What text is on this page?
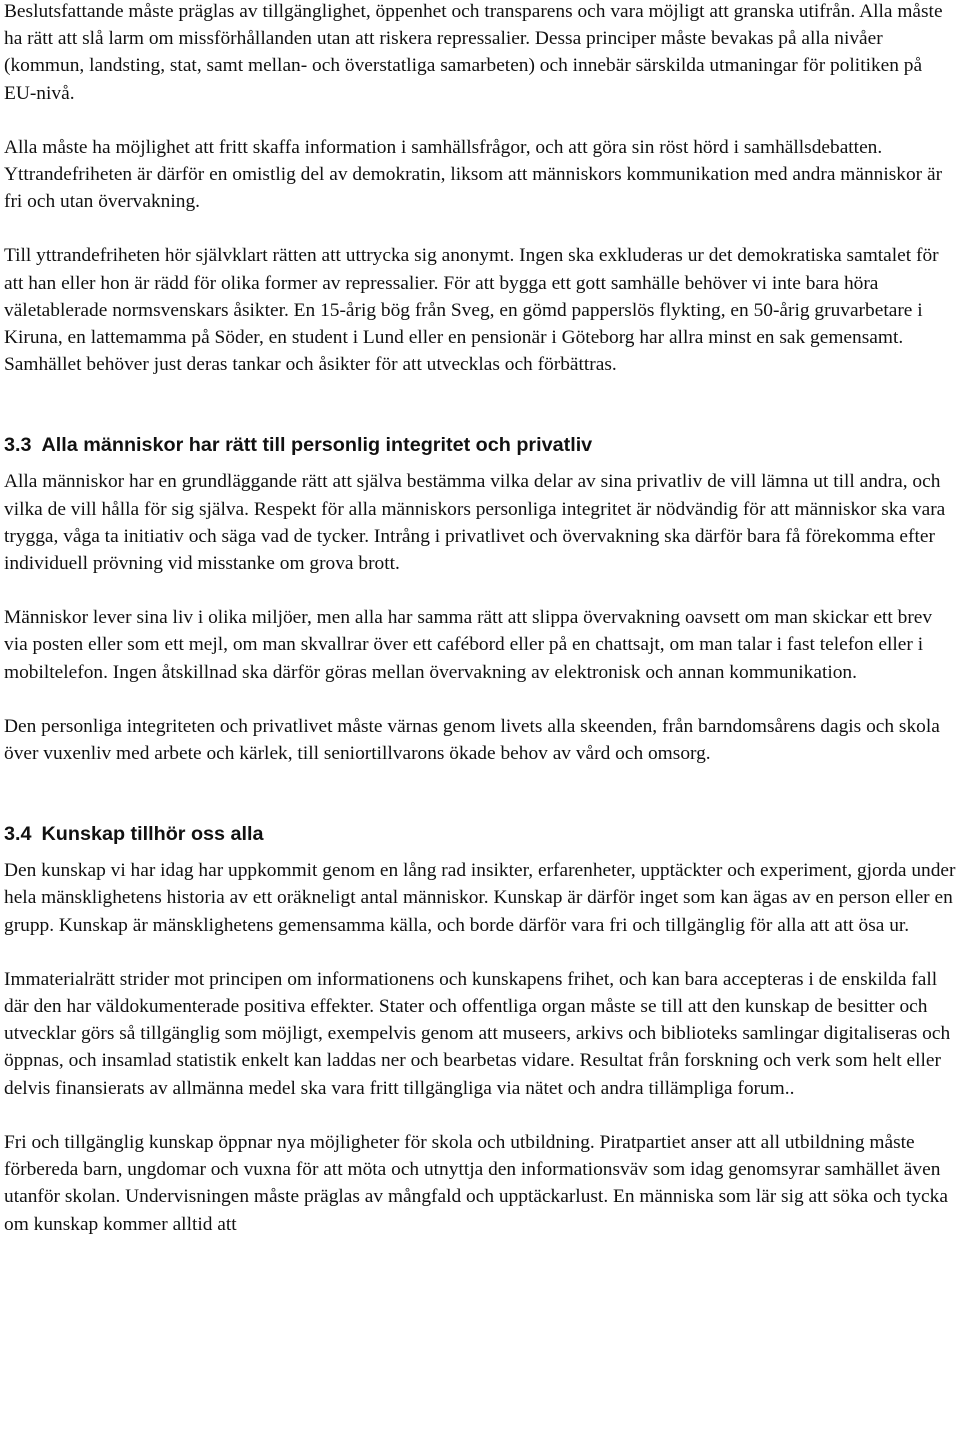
Beslutsfattande måste präglas av tillgänglighet, öppenhet och transparens och vara möjligt att granska utifrån. Alla måste ha rätt att slå larm om missförhållanden utan att riskera repressalier. Dessa principer måste bevakas på alla nivåer (kommun, landsting, stat, samt mellan- och överstatliga samarbeten) och innebär särskilda utmaningar för politiken på EU-nivå.

Alla måste ha möjlighet att fritt skaffa information i samhällsfrågor, och att göra sin röst hörd i samhällsdebatten. Yttrandefriheten är därför en omistlig del av demokratin, liksom att människors kommunikation med andra människor är fri och utan övervakning.

Till yttrandefriheten hör självklart rätten att uttrycka sig anonymt. Ingen ska exkluderas ur det demokratiska samtalet för att han eller hon är rädd för olika former av repressalier. För att bygga ett gott samhälle behöver vi inte bara höra väletablerade normsvenskars åsikter. En 15-årig bög från Sveg, en gömd papperslös flykting, en 50-årig gruvarbetare i Kiruna, en lattemamma på Söder, en student i Lund eller en pensionär i Göteborg har allra minst en sak gemensamt. Samhället behöver just deras tankar och åsikter för att utvecklas och förbättras.

3.3 Alla människor har rätt till personlig integritet och privatliv

Alla människor har en grundläggande rätt att själva bestämma vilka delar av sina privatliv de vill lämna ut till andra, och vilka de vill hålla för sig själva. Respekt för alla människors personliga integritet är nödvändig för att människor ska vara trygga, våga ta initiativ och säga vad de tycker. Intrång i privatlivet och övervakning ska därför bara få förekomma efter individuell prövning vid misstanke om grova brott.

Människor lever sina liv i olika miljöer, men alla har samma rätt att slippa övervakning oavsett om man skickar ett brev via posten eller som ett mejl, om man skvallrar över ett cafébord eller på en chattsajt, om man talar i fast telefon eller i mobiltelefon. Ingen åtskillnad ska därför göras mellan övervakning av elektronisk och annan kommunikation.

Den personliga integriteten och privatlivet måste värnas genom livets alla skeenden, från barndomsårens dagis och skola över vuxenliv med arbete och kärlek, till seniortillvarons ökade behov av vård och omsorg.

3.4 Kunskap tillhör oss alla

Den kunskap vi har idag har uppkommit genom en lång rad insikter, erfarenheter, upptäckter och experiment, gjorda under hela mänsklighetens historia av ett oräkneligt antal människor. Kunskap är därför inget som kan ägas av en person eller en grupp. Kunskap är mänsklighetens gemensamma källa, och borde därför vara fri och tillgänglig för alla att att ösa ur.

Immaterialrätt strider mot principen om informationens och kunskapens frihet, och kan bara accepteras i de enskilda fall där den har väldokumenterade positiva effekter. Stater och offentliga organ måste se till att den kunskap de besitter och utvecklar görs så tillgänglig som möjligt, exempelvis genom att museers, arkivs och biblioteks samlingar digitaliseras och öppnas, och insamlad statistik enkelt kan laddas ner och bearbetas vidare. Resultat från forskning och verk som helt eller delvis finansierats av allmänna medel ska vara fritt tillgängliga via nätet och andra tillämpliga forum..

Fri och tillgänglig kunskap öppnar nya möjligheter för skola och utbildning. Piratpartiet anser att all utbildning måste förbereda barn, ungdomar och vuxna för att möta och utnyttja den informationsväv som idag genomsyrar samhället även utanför skolan. Undervisningen måste präglas av mångfald och upptäckarlust. En människa som lär sig att söka och tycka om kunskap kommer alltid att
